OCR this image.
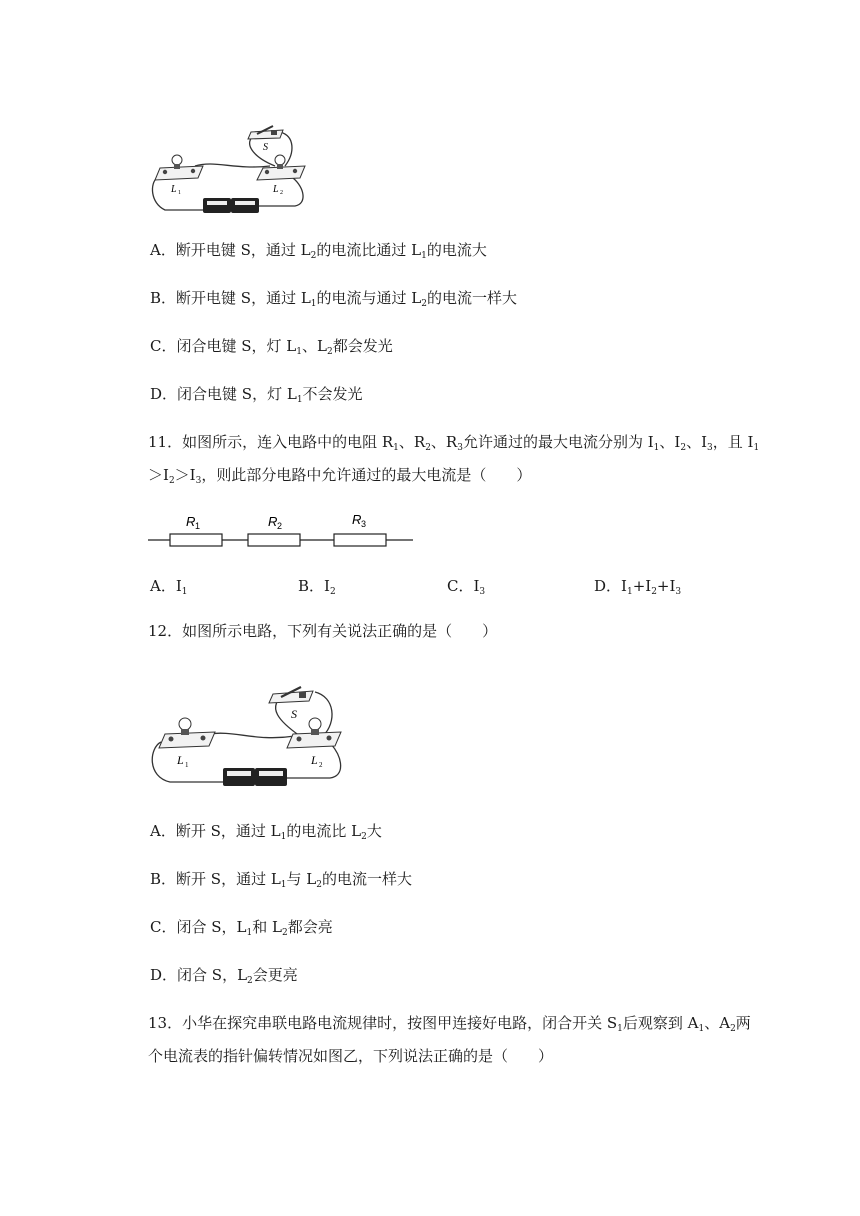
S
L 1	L 2
A．断开电键 S，通过 $L_2$的电流比通过 $L_1$的电流大
B．断开电键 S，通过 $L_1$的电流与通过 $L_2$的电流一样大
C．闭合电键 S，灯 $L_1$、$L_2$都会发光
D．闭合电键 S，灯 $L_1$不会发光
11．如图所示，连入电路中的电阻 $R_1$、$R_2$、$R_3$允许通过的最大电流分别为 $I_1$、$I_2$、$I_3$，且 $I_1$
$>I_2>I_3$，则此部分电路中允许通过的最大电流是（　　）
R 1	R 2	R 3
A．$I_1$	B．$I_2$	C．$I_3$	D．$I_1+I_2+I_3$
12．如图所示电路，下列有关说法正确的是（　　）
S
L 1	L 2
A．断开 S，通过 $L_1$的电流比 $L_2$大
B．断开 S，通过 $L_1$与 $L_2$的电流一样大
C．闭合 S，$L_1$和 $L_2$都会亮
D．闭合 S，$L_2$会更亮
13．小华在探究串联电路电流规律时，按图甲连接好电路，闭合开关 $S_1$后观察到 $A_1$、$A_2$两
个电流表的指针偏转情况如图乙，下列说法正确的是（　　）
